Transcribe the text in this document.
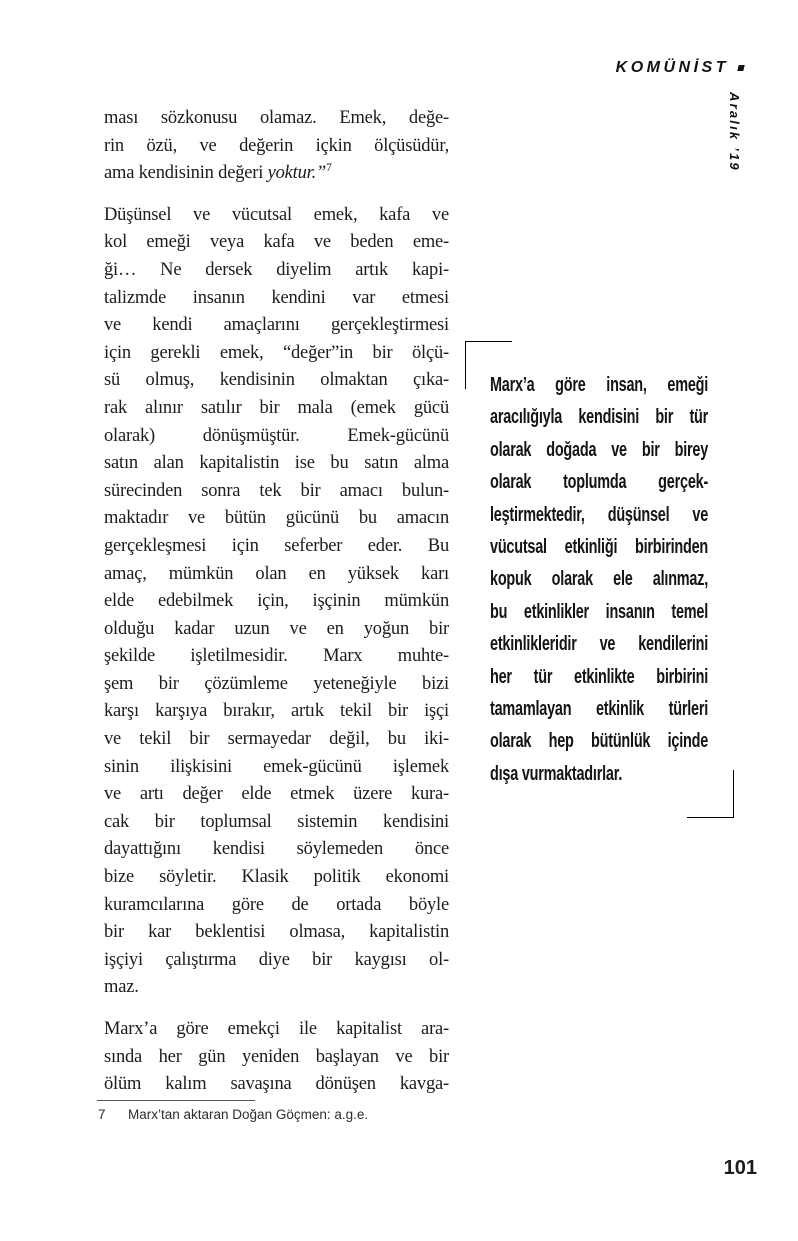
KOMÜNİST
Aralık ’19
ması sözkonusu olamaz. Emek, değe-
rin özü, ve değerin içkin ölçüsüdür,
ama kendisinin değeri yoktur.”$^7$
Düşünsel ve vücutsal emek, kafa ve
kol emeği veya kafa ve beden eme-
ği… Ne dersek diyelim artık kapi-
talizmde insanın kendini var etmesi
ve kendi amaçlarını gerçekleştirmesi
için gerekli emek, “değer”in bir ölçü-
sü olmuş, kendisinin olmaktan çıka-
rak alınır satılır bir mala (emek gücü
olarak) dönüşmüştür. Emek-gücünü
satın alan kapitalistin ise bu satın alma
sürecinden sonra tek bir amacı bulun-
maktadır ve bütün gücünü bu amacın
gerçekleşmesi için seferber eder. Bu
amaç, mümkün olan en yüksek karı
elde edebilmek için, işçinin mümkün
olduğu kadar uzun ve en yoğun bir
şekilde işletilmesidir. Marx muhte-
şem bir çözümleme yeteneğiyle bizi
karşı karşıya bırakır, artık tekil bir işçi
ve tekil bir sermayedar değil, bu iki-
sinin ilişkisini emek-gücünü işlemek
ve artı değer elde etmek üzere kura-
cak bir toplumsal sistemin kendisini
dayattığını kendisi söylemeden önce
bize söyletir. Klasik politik ekonomi
kuramcılarına göre de ortada böyle
bir kar beklentisi olmasa, kapitalistin
işçiyi çalıştırma diye bir kaygısı ol-
maz.
Marx’a göre emekçi ile kapitalist ara-
sında her gün yeniden başlayan ve bir
ölüm kalım savaşına dönüşen kavga-
Marx’a göre insan, emeği
aracılığıyla kendisini bir tür
olarak doğada ve bir birey
olarak toplumda gerçek-
leştirmektedir, düşünsel ve
vücutsal etkinliği birbirinden
kopuk olarak ele alınmaz,
bu etkinlikler insanın temel
etkinlikleridir ve kendilerini
her tür etkinlikte birbirini
tamamlayan etkinlik türleri
olarak hep bütünlük içinde
dışa vurmaktadırlar.
7 Marx’tan aktaran Doğan Göçmen: a.g.e.
101
